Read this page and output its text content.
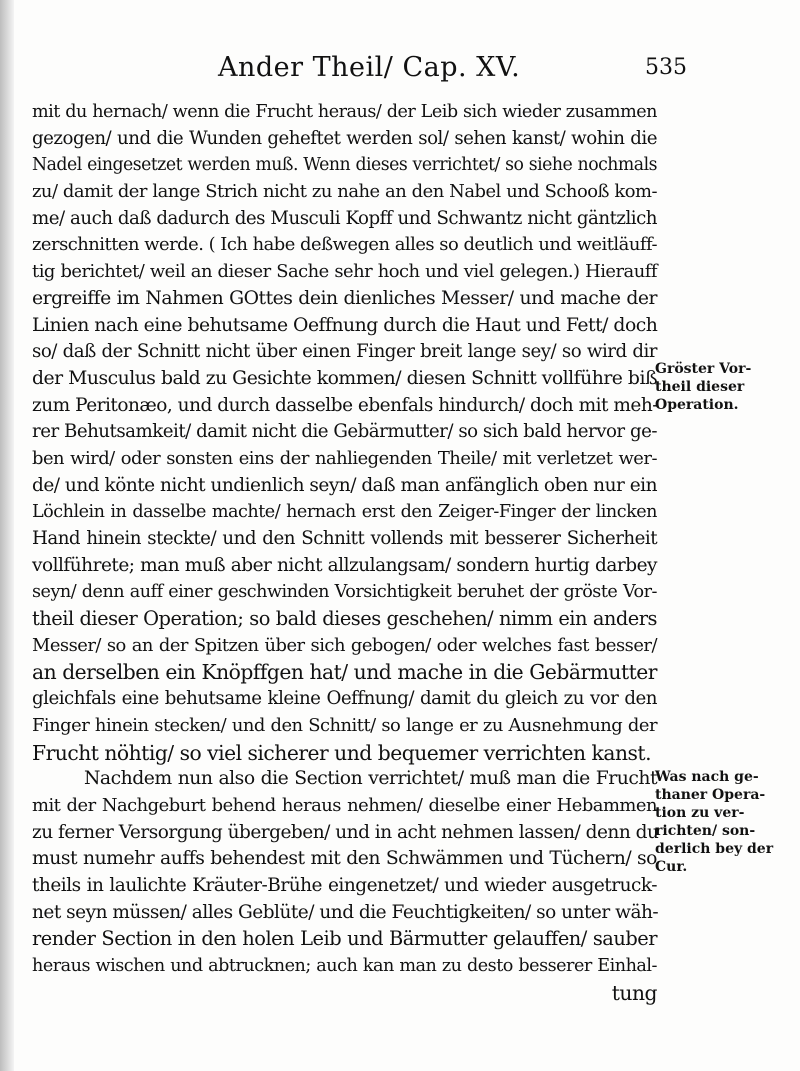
Ander Theil/ Cap. XV.	535
mit du hernach/ wenn die Frucht heraus/ der Leib sich wieder zusammen
gezogen/ und die Wunden geheftet werden sol/ sehen kanst/ wohin die
Nadel eingesetzet werden muß. Wenn dieses verrichtet/ so siehe nochmals
zu/ damit der lange Strich nicht zu nahe an den Nabel und Schooß kom-
me/ auch daß dadurch des Musculi Kopff und Schwantz nicht gäntzlich
zerschnitten werde. ( Ich habe deßwegen alles so deutlich und weitläuff-
tig berichtet/ weil an dieser Sache sehr hoch und viel gelegen.) Hierauff
ergreiffe im Nahmen GOttes dein dienliches Messer/ und mache der
Linien nach eine behutsame Oeffnung durch die Haut und Fett/ doch
so/ daß der Schnitt nicht über einen Finger breit lange sey/ so wird dir
der Musculus bald zu Gesichte kommen/ diesen Schnitt vollführe biß
zum Peritonæo, und durch dasselbe ebenfals hindurch/ doch mit meh-
rer Behutsamkeit/ damit nicht die Gebärmutter/ so sich bald hervor ge-
ben wird/ oder sonsten eins der nahliegenden Theile/ mit verletzet wer-
de/ und könte nicht undienlich seyn/ daß man anfänglich oben nur ein
Löchlein in dasselbe machte/ hernach erst den Zeiger-Finger der lincken
Hand hinein steckte/ und den Schnitt vollends mit besserer Sicherheit
vollführete; man muß aber nicht allzulangsam/ sondern hurtig darbey
seyn/ denn auff einer geschwinden Vorsichtigkeit beruhet der gröste Vor-
theil dieser Operation; so bald dieses geschehen/ nimm ein anders
Messer/ so an der Spitzen über sich gebogen/ oder welches fast besser/
an derselben ein Knöpffgen hat/ und mache in die Gebärmutter
gleichfals eine behutsame kleine Oeffnung/ damit du gleich zu vor den
Finger hinein stecken/ und den Schnitt/ so lange er zu Ausnehmung der
Frucht nöhtig/ so viel sicherer und bequemer verrichten kanst.
Nachdem nun also die Section verrichtet/ muß man die Frucht
mit der Nachgeburt behend heraus nehmen/ dieselbe einer Hebammen
zu ferner Versorgung übergeben/ und in acht nehmen lassen/ denn du
must numehr auffs behendest mit den Schwämmen und Tüchern/ so
theils in laulichte Kräuter-Brühe eingenetzet/ und wieder ausgetruck-
net seyn müssen/ alles Geblüte/ und die Feuchtigkeiten/ so unter wäh-
render Section in den holen Leib und Bärmutter gelauffen/ sauber
heraus wischen und abtrucknen; auch kan man zu desto besserer Einhal-
tung
Gröster Vor-
theil dieser
Operation.
Was nach ge-
thaner Opera-
tion zu ver-
richten/ son-
derlich bey der
Cur.
